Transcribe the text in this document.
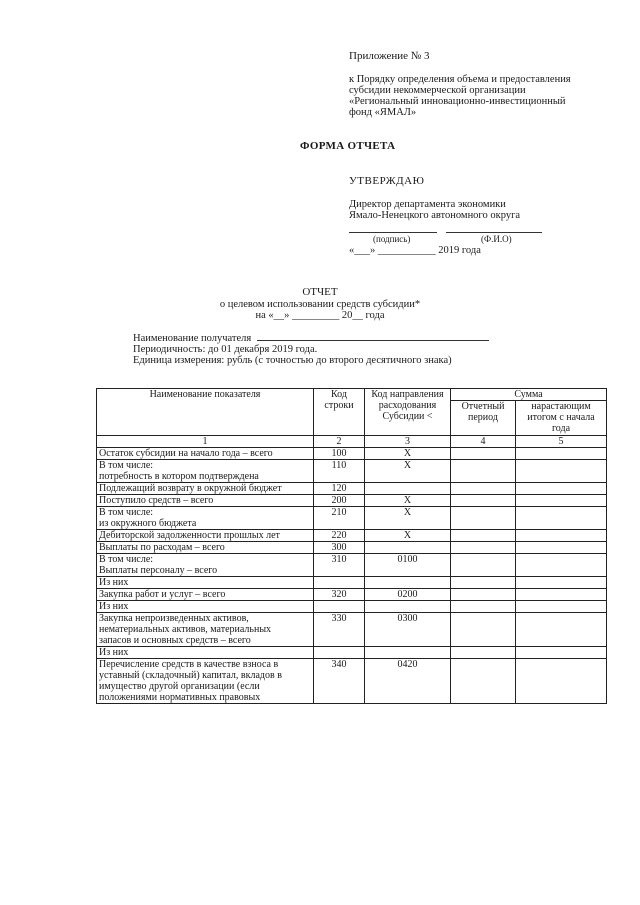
Приложение № 3
к Порядку определения объема и предоставления
субсидии некоммерческой организации
«Региональный инновационно-инвестиционный
фонд «ЯМАЛ»
ФОРМА ОТЧЕТА
УТВЕРЖДАЮ
Директор департамента экономики
Ямало-Ненецкого автономного округа
(подпись)	(Ф.И.О)
«___» ___________ 2019 года
ОТЧЕТ
о целевом использовании средств субсидии*
на «__» _________ 20__ года
Наименование получателя
Периодичность: до 01 декабря 2019 года.
Единица измерения: рубль (с точностью до второго десятичного знака)
Наименование показателя	Код строки	Код направления расходования Субсидии <	Сумма	
			Отчетный период	нарастающим итогом с начала года
1	2	3	4	5
Остаток субсидии на начало года – всего	100	X		
В том числе:
потребность в котором подтверждена	110	X		
Подлежащий возврату в окружной бюджет	120			
Поступило средств – всего	200	X		
В том числе:
из окружного бюджета	210	X		
Дебиторской задолженности прошлых лет	220	X		
Выплаты по расходам – всего	300			
В том числе:
Выплаты персоналу – всего	310	0100		
Из них				
Закупка работ и услуг – всего	320	0200		
Из них				
Закупка непроизведенных активов,
нематериальных активов, материальных
запасов и основных средств – всего	330	0300		
Из них				
Перечисление средств в качестве взноса в
уставный (складочный) капитал, вкладов в
имущество другой организации (если
положениями нормативных правовых	340	0420		
